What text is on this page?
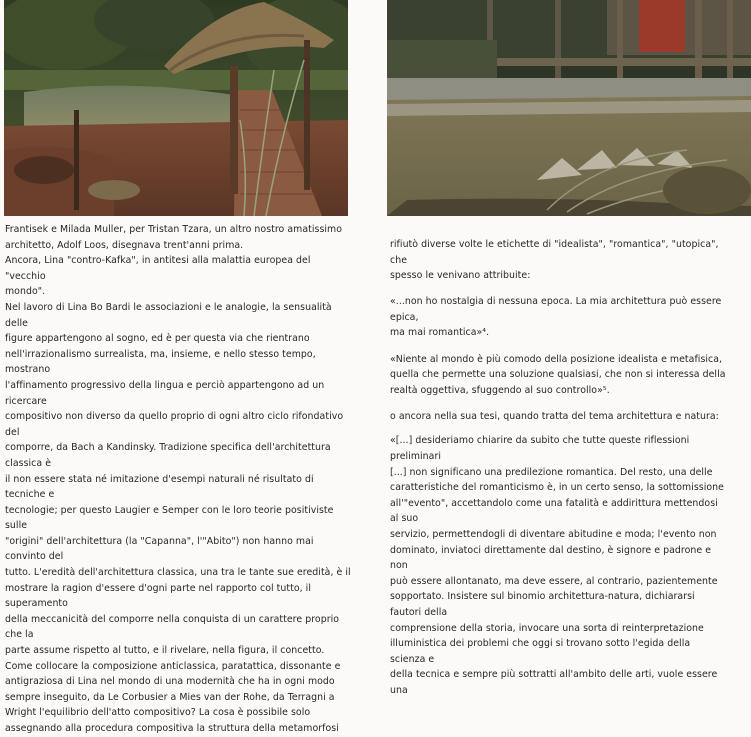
Frantisek e Milada Muller, per Tristan Tzara, un altro nostro amatissimo
architetto, Adolf Loos, disegnava trent'anni prima.
Ancora, Lina "contro-Kafka", in antitesi alla malattia europea del "vecchio
mondo".

Nel lavoro di Lina Bo Bardi le associazioni e le analogie, la sensualità delle
figure appartengono al sogno, ed è per questa via che rientrano
nell'irrazionalismo surrealista, ma, insieme, e nello stesso tempo, mostrano
l'affinamento progressivo della lingua e perciò appartengono ad un ricercare
compositivo non diverso da quello proprio di ogni altro ciclo rifondativo del
comporre, da Bach a Kandinsky. Tradizione specifica dell'architettura classica è
il non essere stata né imitazione d'esempi naturali né risultato di tecniche e
tecnologie; per questo Laugier e Semper con le loro teorie positiviste sulle
"origini" dell'architettura (la "Capanna", l'"Abito") non hanno mai convinto del
tutto. L'eredità dell'architettura classica, una tra le tante sue eredità, è il
mostrare la ragion d'essere d'ogni parte nel rapporto col tutto, il superamento
della meccanicità del comporre nella conquista di un carattere proprio che la
parte assume rispetto al tutto, e il rivelare, nella figura, il concetto.

Come collocare la composizione anticlassica, paratattica, dissonante e
antigraziosa di Lina nel mondo di una modernità che ha in ogni modo
sempre inseguito, da Le Corbusier a Mies van der Rohe, da Terragni a
Wright l'equilibrio dell'atto compositivo? La cosa è possibile solo
assegnando alla procedura compositiva la struttura della metamorfosi

rifiutò diverse volte le etichette di "idealista", "romantica", "utopica", che
spesso le venivano attribuite:

«...non ho nostalgia di nessuna epoca. La mia architettura può essere epica,
ma mai romantica»⁴.

«Niente al mondo è più comodo della posizione idealista e metafisica,
quella che permette una soluzione qualsiasi, che non si interessa della
realtà oggettiva, sfuggendo al suo controllo»⁵.

o ancora nella sua tesi, quando tratta del tema architettura e natura:

«[...] desideriamo chiarire da subito che tutte queste riflessioni preliminari
[...] non significano una predilezione romantica. Del resto, una delle
caratteristiche del romanticismo è, in un certo senso, la sottomissione
all'"evento", accettandolo come una fatalità e addirittura mettendosi al suo
servizio, permettendogli di diventare abitudine e moda; l'evento non
dominato, inviatoci direttamente dal destino, è signore e padrone e non
può essere allontanato, ma deve essere, al contrario, pazientemente
sopportato. Insistere sul binomio architettura-natura, dichiararsi fautori della
comprensione della storia, invocare una sorta di reinterpretazione
illuministica dei problemi che oggi si trovano sotto l'egida della scienza e
della tecnica e sempre più sottratti all'ambito delle arti, vuole essere una
